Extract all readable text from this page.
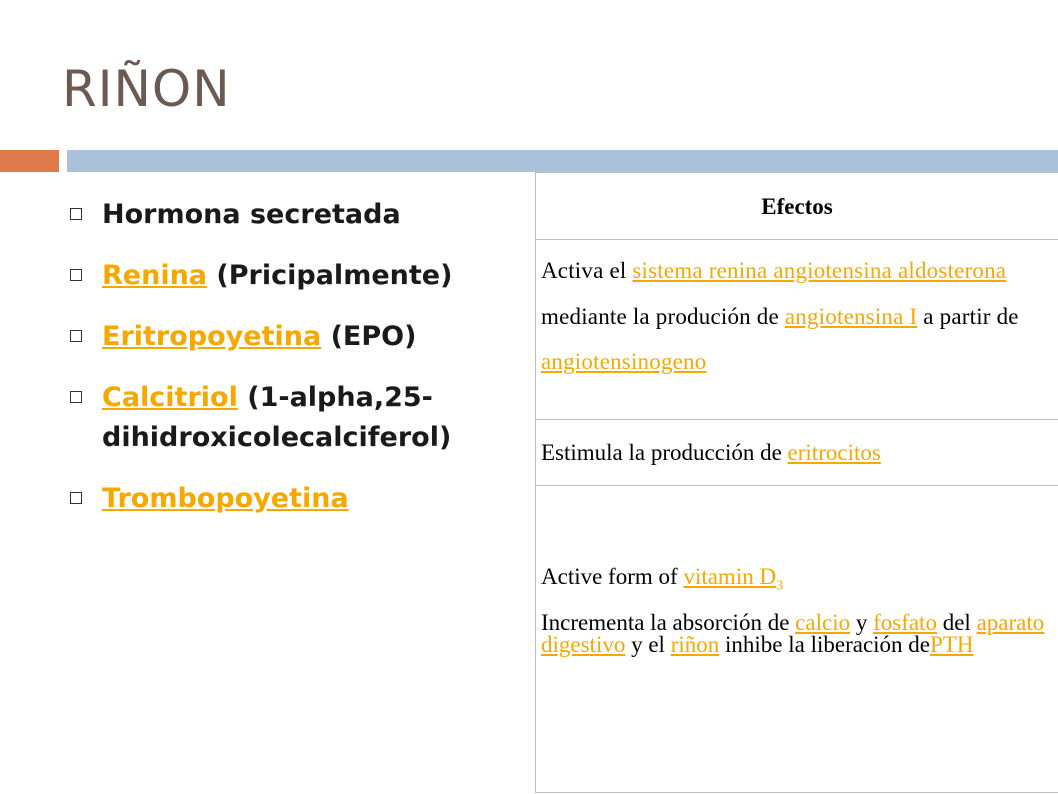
RIÑON
Hormona secretada
Renina (Pricipalmente)
Eritropoyetina (EPO)
Calcitriol (1-alpha,25-dihidroxicolecalciferol)
Trombopoyetina
Efectos
Activa el sistema renina angiotensina aldosterona mediante la produción de angiotensina I a partir de angiotensinogeno
Estimula la producción de eritrocitos
Active form of vitamin $D_3$
Incrementa la absorción de calcio y fosfato del aparato digestivo y el riñon inhibe la liberación dePTH
